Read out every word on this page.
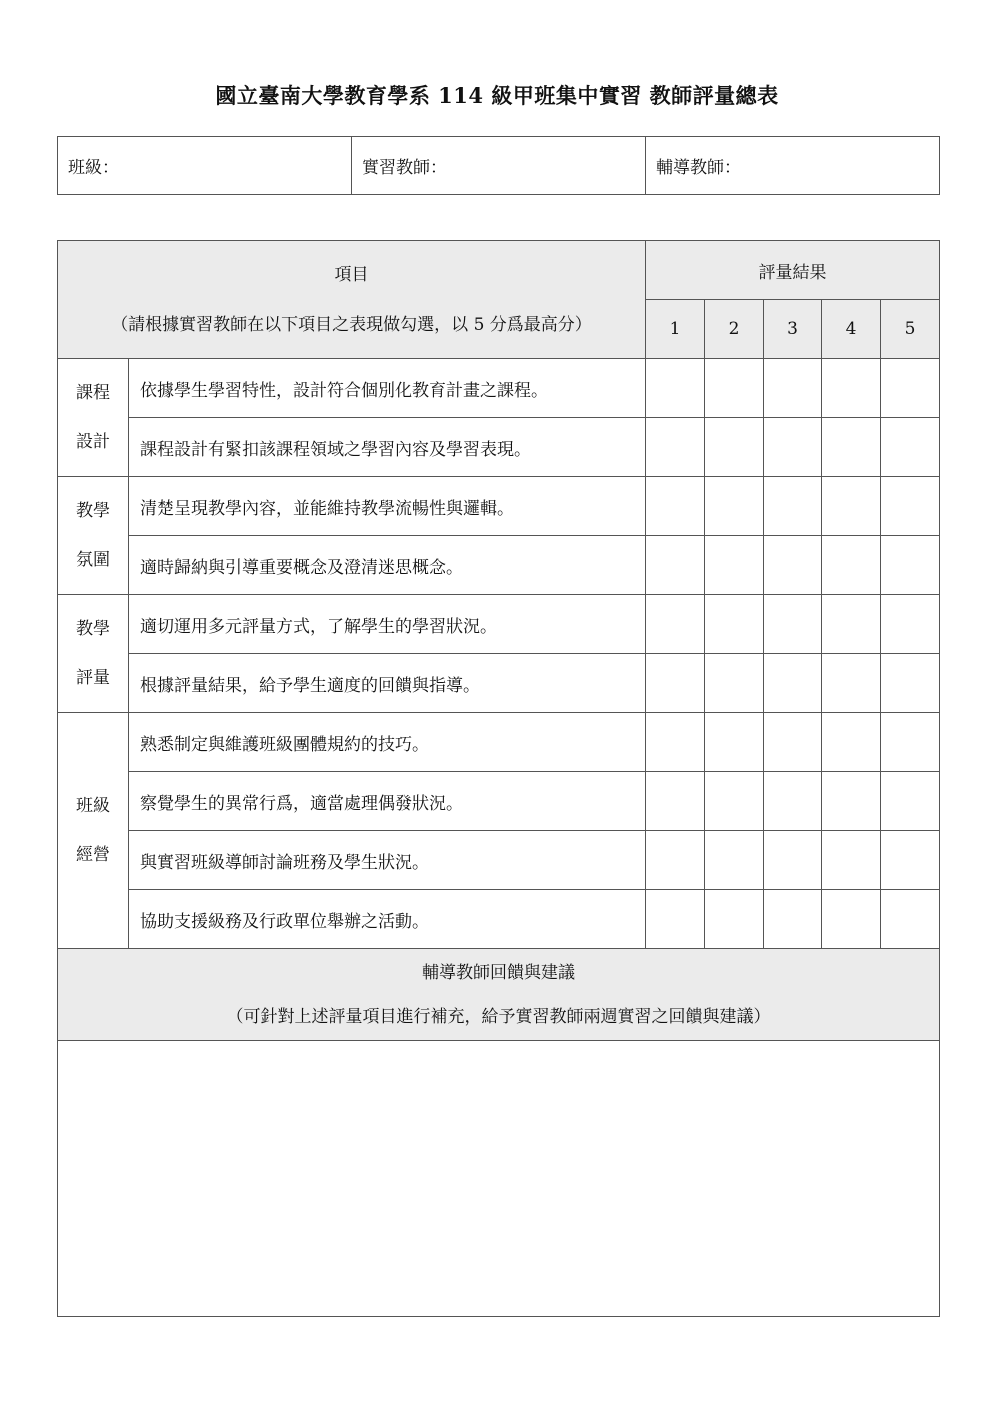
國立臺南大學教育學系 114 級甲班集中實習 教師評量總表
班級：	實習教師：	輔導教師：
項目
（請根據實習教師在以下項目之表現做勾選，以 5 分爲最高分）		評量結果				
		1	2	3	4	5

課程
設計	依據學生學習特性，設計符合個別化教育計畫之課程。					
	課程設計有緊扣該課程領域之學習內容及學習表現。					

教學
氛圍	清楚呈現教學內容，並能維持教學流暢性與邏輯。					
	適時歸納與引導重要概念及澄清迷思概念。					

教學
評量	適切運用多元評量方式，了解學生的學習狀況。					
	根據評量結果，給予學生適度的回饋與指導。					

班級
經營	熟悉制定與維護班級團體規約的技巧。					
	察覺學生的異常行爲，適當處理偶發狀況。					
	與實習班級導師討論班務及學生狀況。					
	協助支援級務及行政單位舉辦之活動。					

輔導教師回饋與建議
（可針對上述評量項目進行補充，給予實習教師兩週實習之回饋與建議）						
